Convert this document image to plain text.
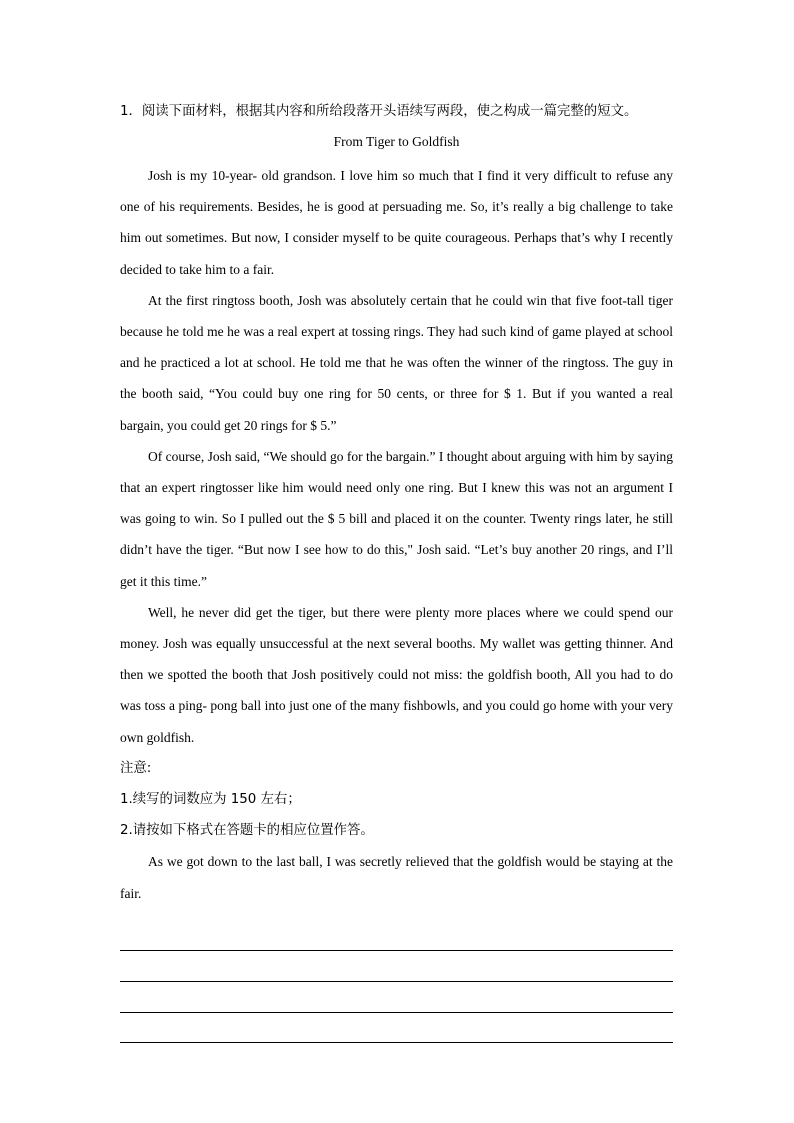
1．阅读下面材料，根据其内容和所给段落开头语续写两段，使之构成一篇完整的短文。

From Tiger to Goldfish

Josh is my 10-year- old grandson. I love him so much that I find it very difficult to refuse any one of his requirements. Besides, he is good at persuading me. So, it’s really a big challenge to take him out sometimes. But now, I consider myself to be quite courageous. Perhaps that’s why I recently decided to take him to a fair.

At the first ringtoss booth, Josh was absolutely certain that he could win that five foot-tall tiger because he told me he was a real expert at tossing rings. They had such kind of game played at school and he practiced a lot at school. He told me that he was often the winner of the ringtoss. The guy in the booth said, “You could buy one ring for 50 cents, or three for $ 1. But if you wanted a real bargain, you could get 20 rings for $ 5.”

Of course, Josh said, “We should go for the bargain.” I thought about arguing with him by saying that an expert ringtosser like him would need only one ring. But I knew this was not an argument I was going to win. So I pulled out the $ 5 bill and placed it on the counter. Twenty rings later, he still didn’t have the tiger. “But now I see how to do this," Josh said. “Let’s buy another 20 rings, and I’ll get it this time.”

Well, he never did get the tiger, but there were plenty more places where we could spend our money. Josh was equally unsuccessful at the next several booths. My wallet was getting thinner. And then we spotted the booth that Josh positively could not miss: the goldfish booth, All you had to do was toss a ping- pong ball into just one of the many fishbowls, and you could go home with your very own goldfish.

注意:

1.续写的词数应为 150 左右；

2.请按如下格式在答题卡的相应位置作答。

As we got down to the last ball, I was secretly relieved that the goldfish would be staying at the fair.
